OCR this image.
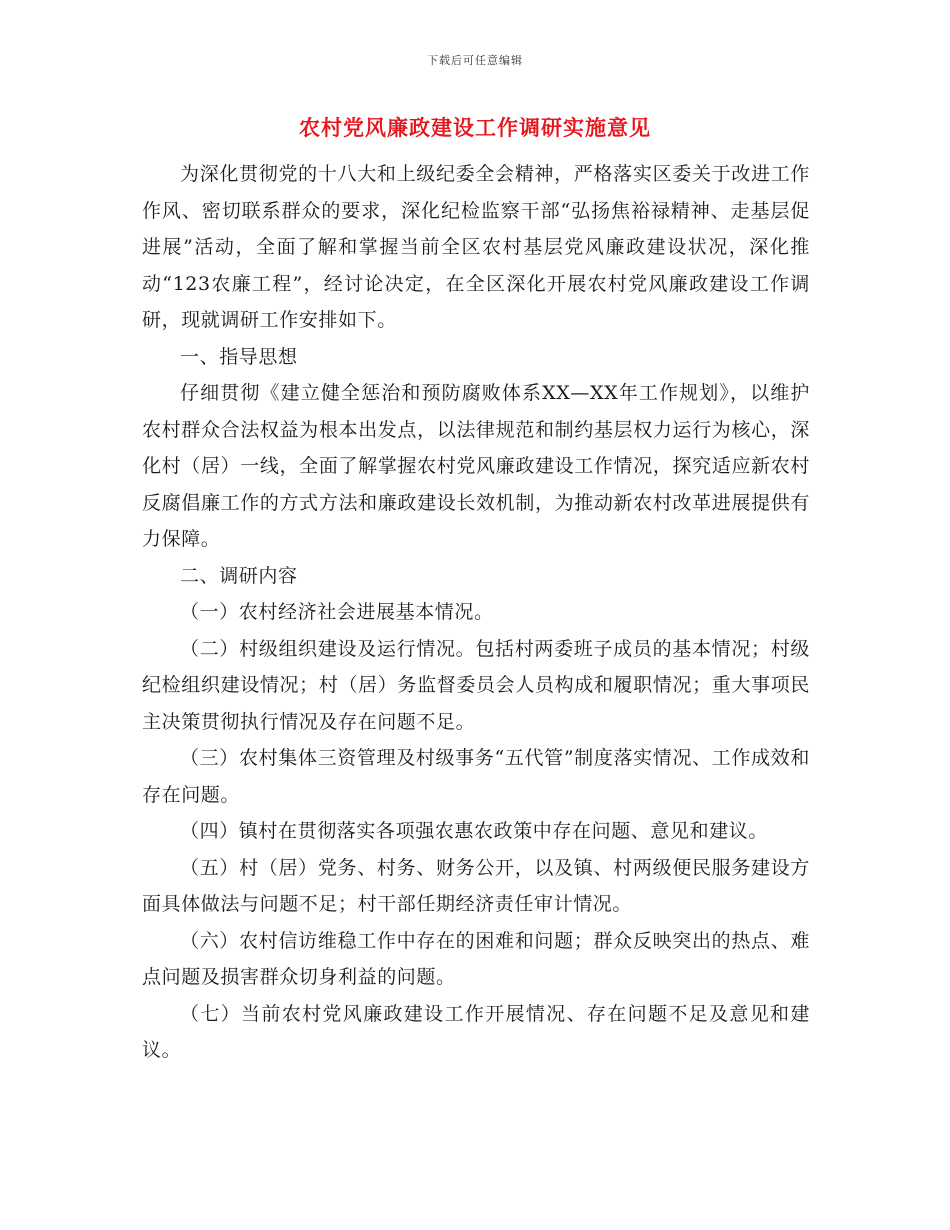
下载后可任意编辑
农村党风廉政建设工作调研实施意见

为深化贯彻党的十八大和上级纪委全会精神，严格落实区委关于改进工作作风、密切联系群众的要求，深化纪检监察干部“弘扬焦裕禄精神、走基层促进展”活动，全面了解和掌握当前全区农村基层党风廉政建设状况，深化推动“123农廉工程”，经讨论决定，在全区深化开展农村党风廉政建设工作调研，现就调研工作安排如下。

一、指导思想

仔细贯彻《建立健全惩治和预防腐败体系XX—XX年工作规划》，以维护农村群众合法权益为根本出发点，以法律规范和制约基层权力运行为核心，深化村（居）一线，全面了解掌握农村党风廉政建设工作情况，探究适应新农村反腐倡廉工作的方式方法和廉政建设长效机制，为推动新农村改革进展提供有力保障。

二、调研内容

（一）农村经济社会进展基本情况。

（二）村级组织建设及运行情况。包括村两委班子成员的基本情况；村级纪检组织建设情况；村（居）务监督委员会人员构成和履职情况；重大事项民主决策贯彻执行情况及存在问题不足。

（三）农村集体三资管理及村级事务“五代管”制度落实情况、工作成效和存在问题。

（四）镇村在贯彻落实各项强农惠农政策中存在问题、意见和建议。

（五）村（居）党务、村务、财务公开，以及镇、村两级便民服务建设方面具体做法与问题不足；村干部任期经济责任审计情况。

（六）农村信访维稳工作中存在的困难和问题；群众反映突出的热点、难点问题及损害群众切身利益的问题。

（七）当前农村党风廉政建设工作开展情况、存在问题不足及意见和建议。
